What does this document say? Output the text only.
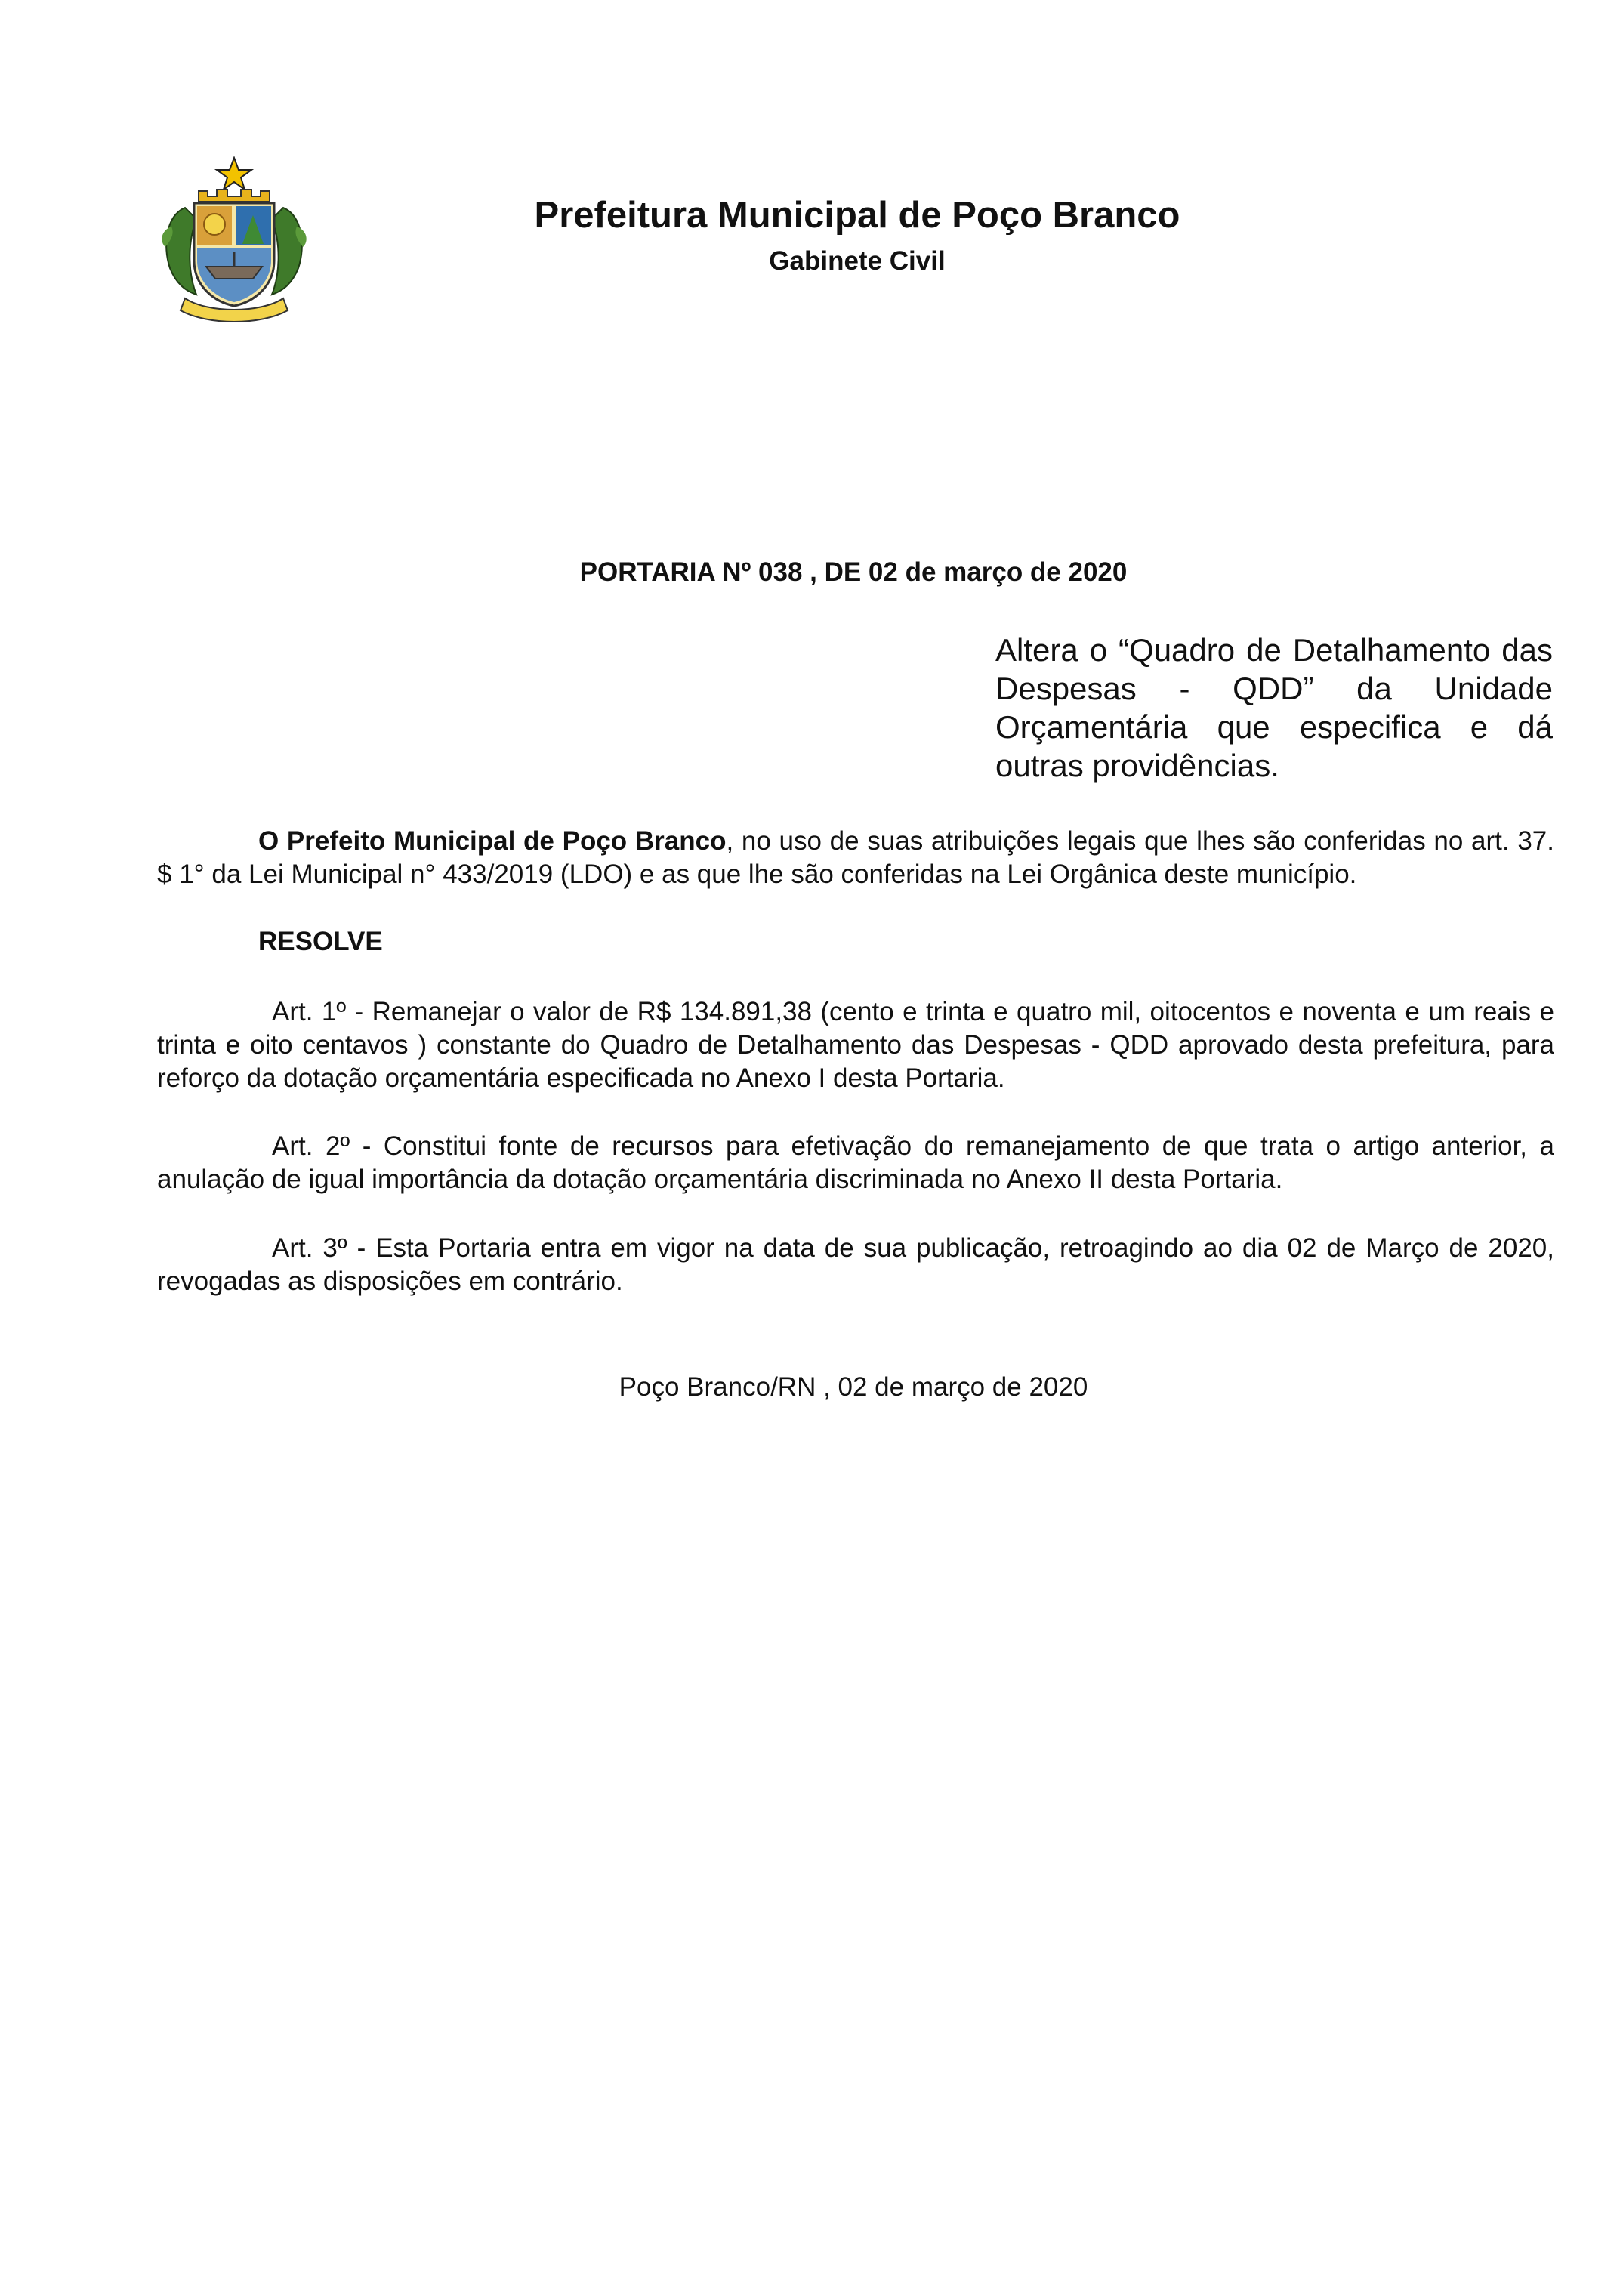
Prefeitura Municipal de Poço Branco
Gabinete Civil
PORTARIA Nº 038 , DE 02 de março de 2020
Altera o “Quadro de Detalhamento das Despesas - QDD” da Unidade Orçamentária que especifica e dá outras providências.

O Prefeito Municipal de Poço Branco, no uso de suas atribuições legais que lhes são conferidas no art. 37. $ 1° da Lei Municipal n° 433/2019 (LDO) e as que lhe são conferidas na Lei Orgânica deste município.

RESOLVE

Art. 1º - Remanejar o valor de R$ 134.891,38 (cento e trinta e quatro mil, oitocentos e noventa e um reais e trinta e oito centavos ) constante do Quadro de Detalhamento das Despesas - QDD aprovado desta prefeitura, para reforço da dotação orçamentária especificada no Anexo I desta Portaria.

Art. 2º - Constitui fonte de recursos para efetivação do remanejamento de que trata o artigo anterior, a anulação de igual importância da dotação orçamentária discriminada no Anexo II desta Portaria.

Art. 3º - Esta Portaria entra em vigor na data de sua publicação, retroagindo ao dia 02 de Março de 2020, revogadas as disposições em contrário.

Poço Branco/RN , 02 de março de 2020
